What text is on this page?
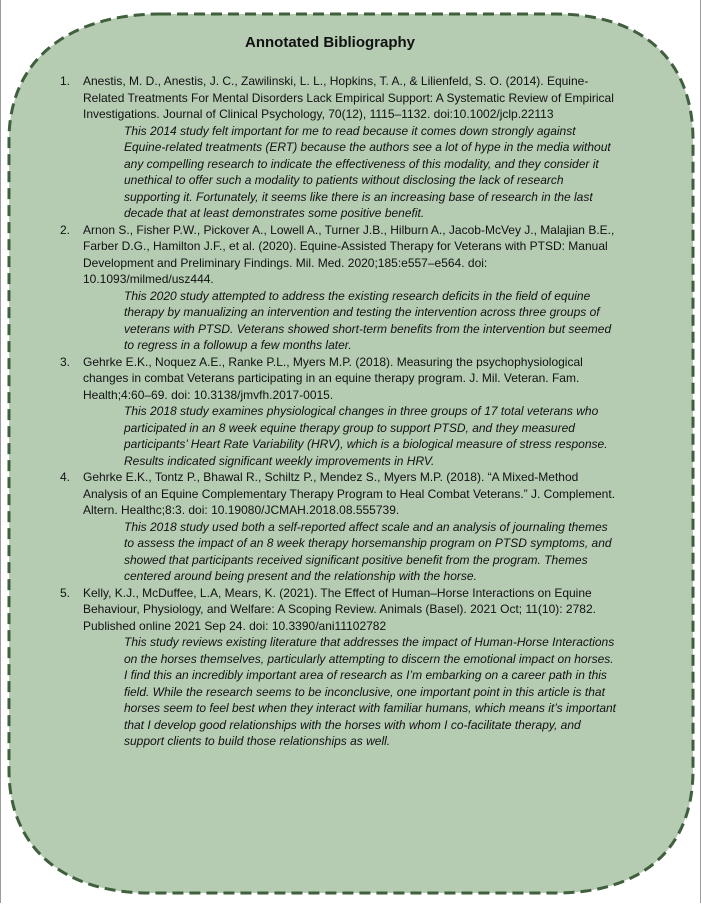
Annotated Bibliography
1. Anestis, M. D., Anestis, J. C., Zawilinski, L. L., Hopkins, T. A., & Lilienfeld, S. O. (2014). Equine-Related Treatments For Mental Disorders Lack Empirical Support: A Systematic Review of Empirical Investigations. Journal of Clinical Psychology, 70(12), 1115–1132. doi:10.1002/jclp.22113
This 2014 study felt important for me to read because it comes down strongly against Equine-related treatments (ERT) because the authors see a lot of hype in the media without any compelling research to indicate the effectiveness of this modality, and they consider it unethical to offer such a modality to patients without disclosing the lack of research supporting it. Fortunately, it seems like there is an increasing base of research in the last decade that at least demonstrates some positive benefit.
2. Arnon S., Fisher P.W., Pickover A., Lowell A., Turner J.B., Hilburn A., Jacob-McVey J., Malajian B.E., Farber D.G., Hamilton J.F., et al. (2020). Equine-Assisted Therapy for Veterans with PTSD: Manual Development and Preliminary Findings. Mil. Med. 2020;185:e557–e564. doi: 10.1093/milmed/usz444.
This 2020 study attempted to address the existing research deficits in the field of equine therapy by manualizing an intervention and testing the intervention across three groups of veterans with PTSD. Veterans showed short-term benefits from the intervention but seemed to regress in a followup a few months later.
3. Gehrke E.K., Noquez A.E., Ranke P.L., Myers M.P. (2018). Measuring the psychophysiological changes in combat Veterans participating in an equine therapy program. J. Mil. Veteran. Fam. Health;4:60–69. doi: 10.3138/jmvfh.2017-0015.
This 2018 study examines physiological changes in three groups of 17 total veterans who participated in an 8 week equine therapy group to support PTSD, and they measured participants’ Heart Rate Variability (HRV), which is a biological measure of stress response. Results indicated significant weekly improvements in HRV.
4. Gehrke E.K., Tontz P., Bhawal R., Schiltz P., Mendez S., Myers M.P. (2018). “A Mixed-Method Analysis of an Equine Complementary Therapy Program to Heal Combat Veterans.” J. Complement. Altern. Healthc;8:3. doi: 10.19080/JCMAH.2018.08.555739.
This 2018 study used both a self-reported affect scale and an analysis of journaling themes to assess the impact of an 8 week therapy horsemanship program on PTSD symptoms, and showed that participants received significant positive benefit from the program. Themes centered around being present and the relationship with the horse.
5. Kelly, K.J., McDuffee, L.A, Mears, K. (2021). The Effect of Human–Horse Interactions on Equine Behaviour, Physiology, and Welfare: A Scoping Review. Animals (Basel). 2021 Oct; 11(10): 2782. Published online 2021 Sep 24. doi: 10.3390/ani11102782
This study reviews existing literature that addresses the impact of Human-Horse Interactions on the horses themselves, particularly attempting to discern the emotional impact on horses. I find this an incredibly important area of research as I’m embarking on a career path in this field. While the research seems to be inconclusive, one important point in this article is that horses seem to feel best when they interact with familiar humans, which means it’s important that I develop good relationships with the horses with whom I co-facilitate therapy, and support clients to build those relationships as well.
